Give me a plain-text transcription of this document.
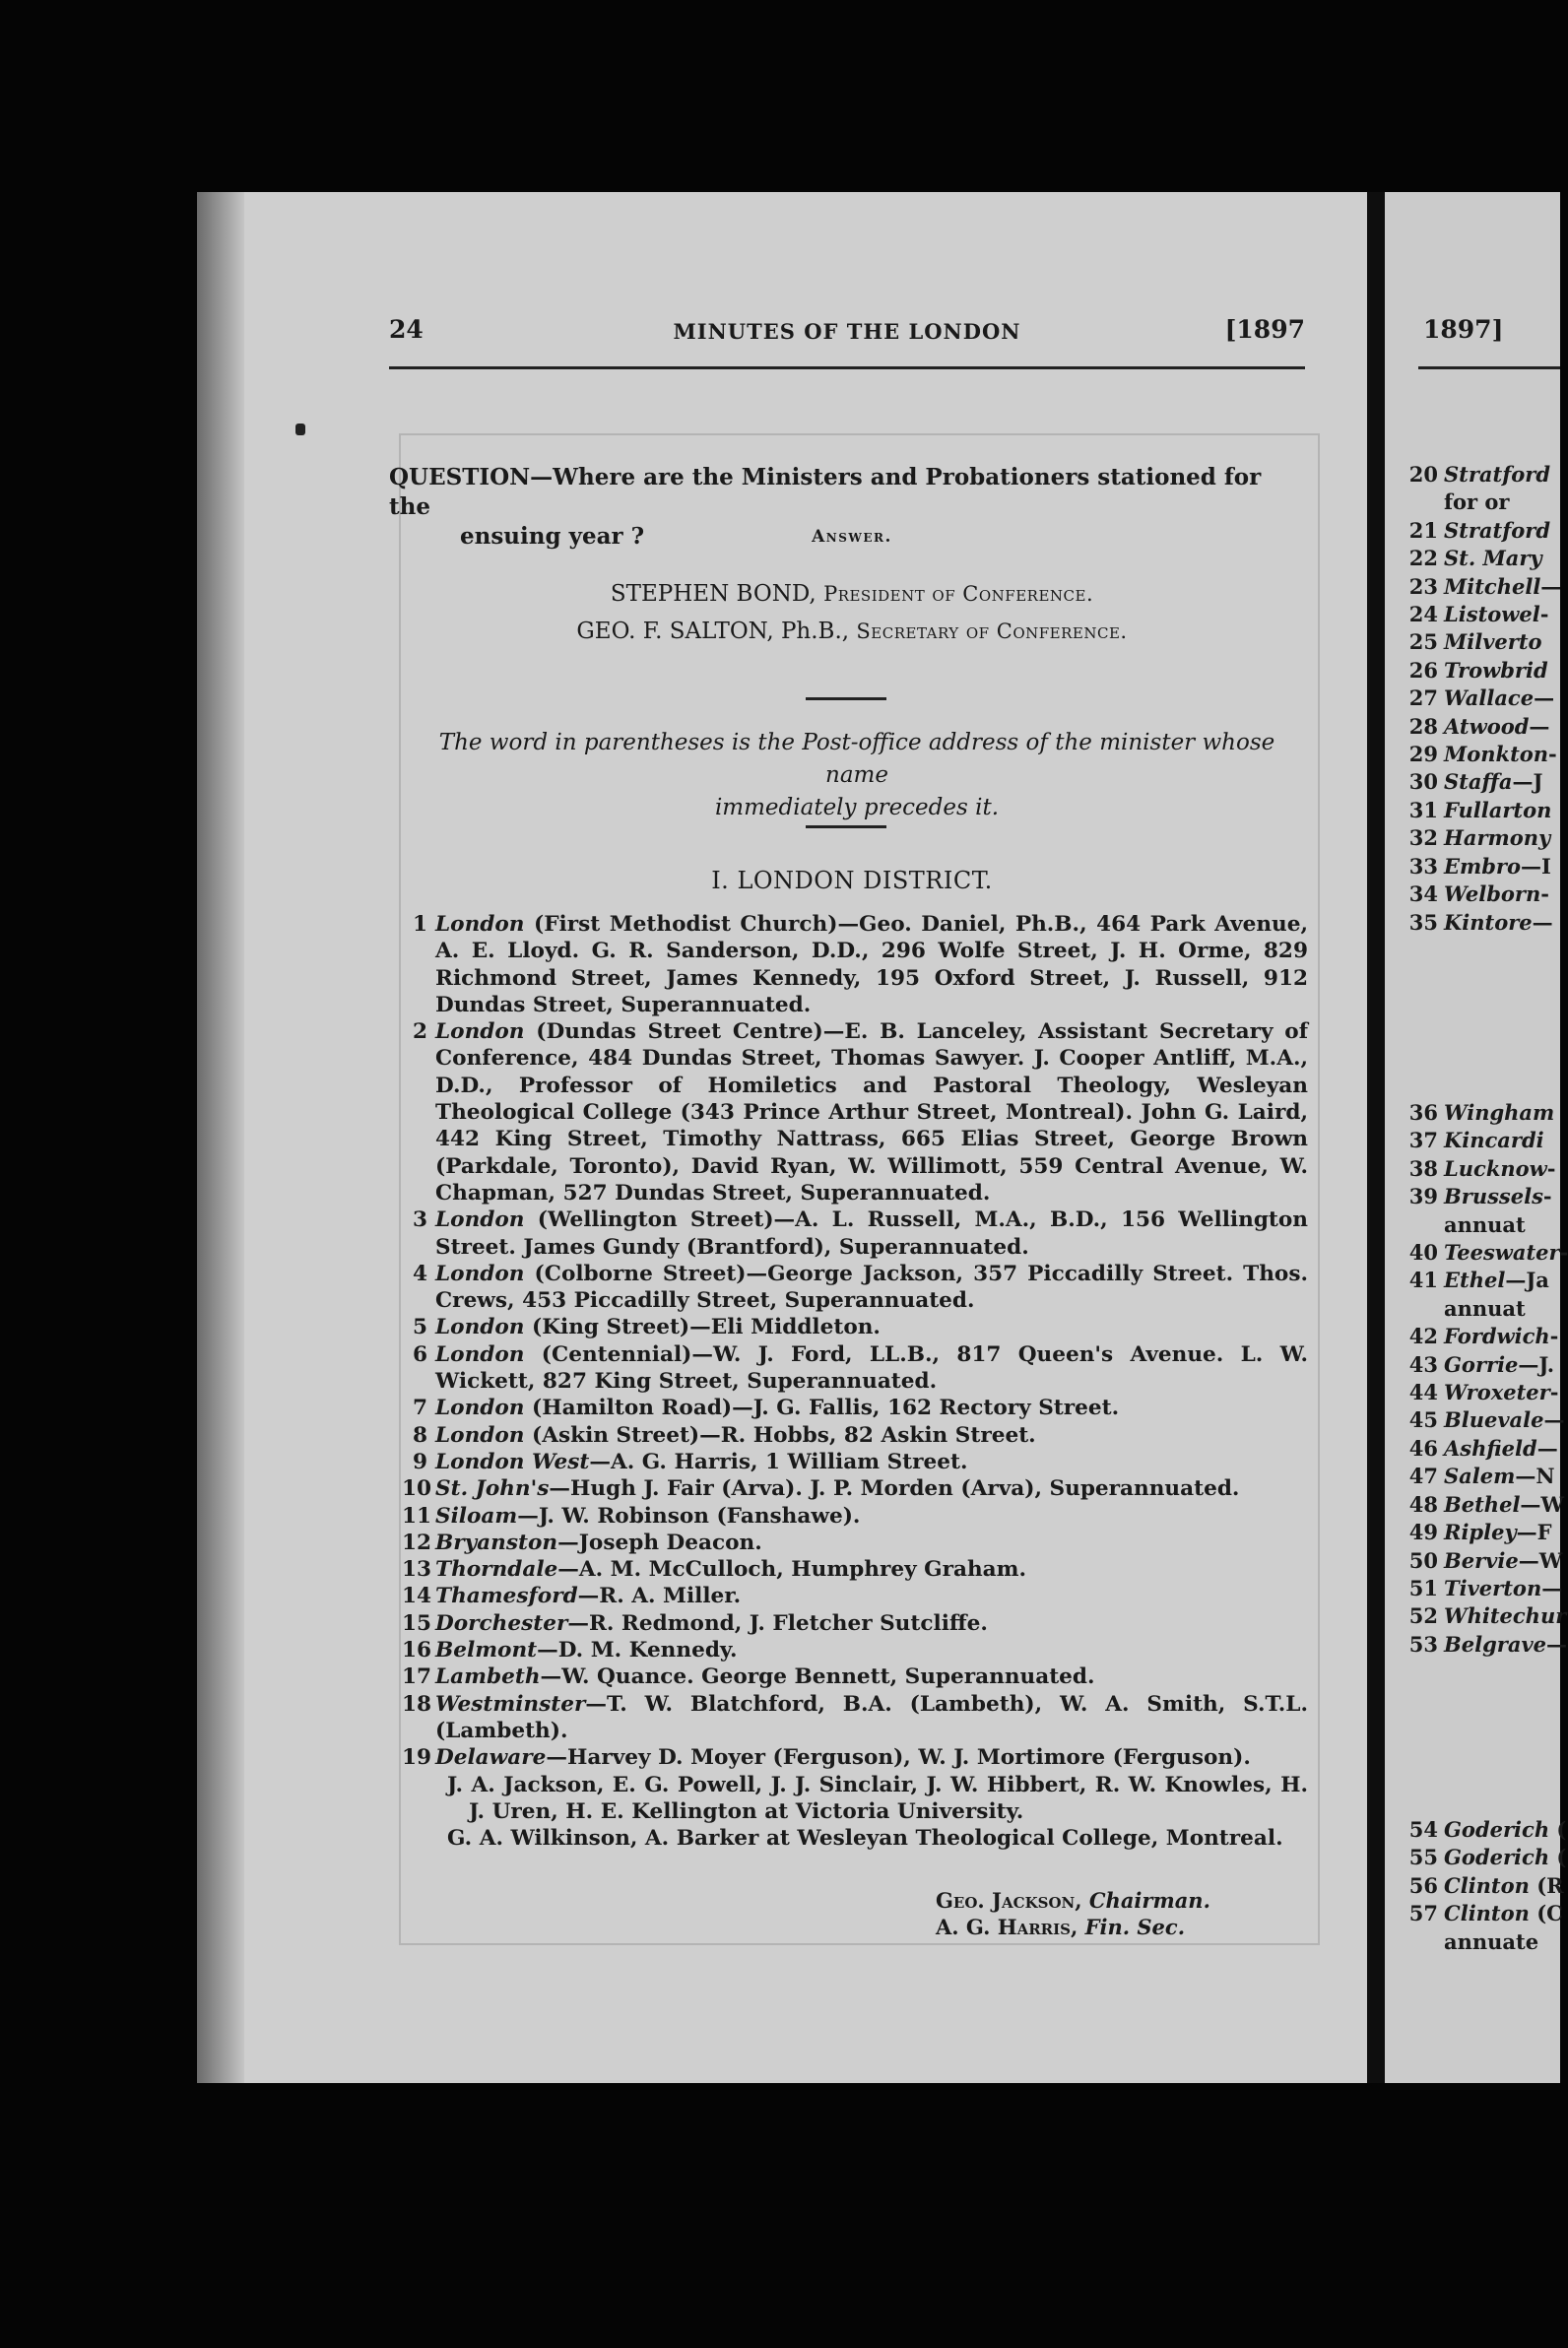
24	MINUTES OF THE LONDON	[1897
QUESTION—Where are the Ministers and Probationers stationed for the
ensuing year ?	Answer.
STEPHEN BOND, President of Conference.
GEO. F. SALTON, Ph.B., Secretary of Conference.
The word in parentheses is the Post-office address of the minister whose name
immediately precedes it.
I. LONDON DISTRICT.
1 London (First Methodist Church)—Geo. Daniel, Ph.B., 464 Park Avenue, A. E. Lloyd. G. R. Sanderson, D.D., 296 Wolfe Street, J. H. Orme, 829 Richmond Street, James Kennedy, 195 Oxford Street, J. Russell, 912 Dundas Street, Superannuated.
2 London (Dundas Street Centre)—E. B. Lanceley, Assistant Secretary of Conference, 484 Dundas Street, Thomas Sawyer. J. Cooper Antliff, M.A., D.D., Professor of Homiletics and Pastoral Theology, Wesleyan Theological College (343 Prince Arthur Street, Montreal). John G. Laird, 442 King Street, Timothy Nattrass, 665 Elias Street, George Brown (Parkdale, Toronto), David Ryan, W. Willimott, 559 Central Avenue, W. Chapman, 527 Dundas Street, Superannuated.
3 London (Wellington Street)—A. L. Russell, M.A., B.D., 156 Wellington Street. James Gundy (Brantford), Superannuated.
4 London (Colborne Street)—George Jackson, 357 Piccadilly Street. Thos. Crews, 453 Piccadilly Street, Superannuated.
5 London (King Street)—Eli Middleton.
6 London (Centennial)—W. J. Ford, LL.B., 817 Queen's Avenue. L. W. Wickett, 827 King Street, Superannuated.
7 London (Hamilton Road)—J. G. Fallis, 162 Rectory Street.
8 London (Askin Street)—R. Hobbs, 82 Askin Street.
9 London West—A. G. Harris, 1 William Street.
10 St. John's—Hugh J. Fair (Arva). J. P. Morden (Arva), Superannuated.
11 Siloam—J. W. Robinson (Fanshawe).
12 Bryanston—Joseph Deacon.
13 Thorndale—A. M. McCulloch, Humphrey Graham.
14 Thamesford—R. A. Miller.
15 Dorchester—R. Redmond, J. Fletcher Sutcliffe.
16 Belmont—D. M. Kennedy.
17 Lambeth—W. Quance. George Bennett, Superannuated.
18 Westminster—T. W. Blatchford, B.A. (Lambeth), W. A. Smith, S.T.L. (Lambeth).
19 Delaware—Harvey D. Moyer (Ferguson), W. J. Mortimore (Ferguson).
J. A. Jackson, E. G. Powell, J. J. Sinclair, J. W. Hibbert, R. W. Knowles, H. J. Uren, H. E. Kellington at Victoria University.
G. A. Wilkinson, A. Barker at Wesleyan Theological College, Montreal.
Geo. Jackson, Chairman.
A. G. Harris, Fin. Sec.
1897]
20 Stratford
for or
21 Stratford
22 St. Mary
23 Mitchell—
24 Listowel-
25 Milverto
26 Trowbrid
27 Wallace—
28 Atwood—
29 Monkton-
30 Staffa—J
31 Fullarton
32 Harmony
33 Embro—I
34 Welborn-
35 Kintore—
36 Wingham
37 Kincardi
38 Lucknow-
39 Brussels-
annuat
40 Teeswater-
41 Ethel—Ja
annuat
42 Fordwich-
43 Gorrie—J.
44 Wroxeter-
45 Bluevale—
46 Ashfield—
47 Salem—N
48 Bethel—W
49 Ripley—F
50 Bervie—W
51 Tiverton—
52 Whitechur
53 Belgrave—
54 Goderich (
55 Goderich (
56 Clinton (R
57 Clinton (C
annuate
